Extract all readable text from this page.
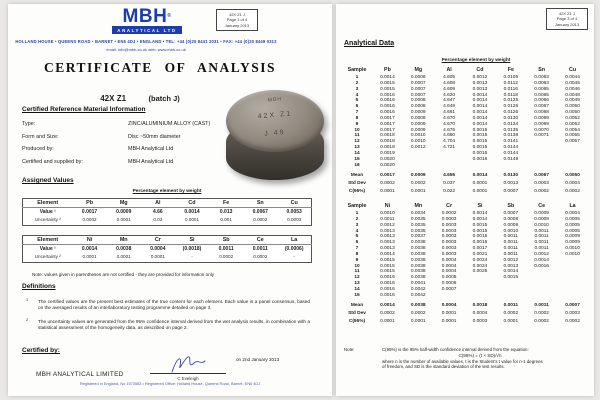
42X Z1 J
Page 1 of 4
January 2013
MBH®
ANALYTICAL LTD
HOLLAND HOUSE • QUEENS ROAD • BARNET • EN5 4DJ • ENGLAND • TEL: +44 (0)20 8441 2031 • FAX: +44 (0)20 8449 0313
email: info@mbh.co.uk web: www.mbh.co.uk
CERTIFICATE OF ANALYSIS
42X Z1	(batch J)
Certified Reference Material Information
Type:	ZINC/ALUMINIUM ALLOY (CAST)
Form and Size:	Disc ~50mm diameter
Produced by:	MBH Analytical Ltd
Certified and supplied by:	MBH Analytical Ltd
MBH
42X Z1
J 49
Assigned Values
Percentage element by weight
Element	Pb	Mg	Al	Cd	Fe	Sn	Cu
Value ¹	0.0017	0.0009	4.66	0.0014	0.013	0.0067	0.0053
Uncertainty ²	0.0002	0.0001	0.03	0.0001	0.001	0.0002	0.0003
Element	Ni	Mn	Cr	Si	Sb	Ce	La
Value ¹	0.0014	0.0038	0.0004	(0.0018)	0.0011	0.0011	(0.0006)
Uncertainty ²	0.0001	0.0001	0.0001	-	0.0002	0.0002	-
Note: values given in parentheses are not certified - they are provided for information only
Definitions
1 The certified values are the present best estimates of the true content for each element. Each value is a panel consensus, based on the averaged results of an interlaboratory testing programme detailed on page 3.
2 The uncertainty values are generated from the 95% confidence interval derived from the wet analysis results, in combination with a statistical assessment of the homogeneity data, as described on page 2.
Certified by:
MBH ANALYTICAL LIMITED
C Eveleigh
on 2nd January 2013
Registered in England, No 1573583 • Registered Office: Holland House, Queens Road, Barnet, EN5 4DJ
42X Z1 J
Page 3 of 4
January 2013
Analytical Data
Percentage element by weight
Sample	Pb	Mg	Al	Cd	Fe	Sn	Cu
1	0.0014	0.0006	4.605	0.0012	0.0105	0.0063	0.0044
2	0.0015	0.0007	4.608	0.0013	0.0112	0.0063	0.0045
3	0.0015	0.0007	4.609	0.0013	0.0116	0.0065	0.0046
4	0.0016	0.0007	4.620	0.0014	0.0118	0.0065	0.0048
5	0.0016	0.0008	4.647	0.0014	0.0125	0.0066	0.0049
6	0.0016	0.0008	4.649	0.0014	0.0126	0.0067	0.0050
7	0.0016	0.0009	4.661	0.0014	0.0126	0.0068	0.0050
8	0.0017	0.0009	4.670	0.0014	0.0130	0.0069	0.0052
9	0.0017	0.0009	4.670	0.0014	0.0134	0.0069	0.0052
10	0.0017	0.0009	4.676	0.0015	0.0135	0.0070	0.0054
11	0.0018	0.0010	4.680	0.0015	0.0138	0.0071	0.0055
12	0.0018	0.0010	4.704	0.0015	0.0141		0.0057
13	0.0018	0.0012	4.721	0.0015	0.0144		
14	0.0019			0.0016	0.0144		
15	0.0020			0.0016	0.0149		
16	0.0020						
Mean	0.0017	0.0009	4.655	0.0014	0.0130	0.0067	0.0050
Std Dev	0.0002	0.0002	0.037	0.0001	0.0013	0.0003	0.0004
C(95%)	0.0001	0.0001	0.022	0.0001	0.0007	0.0002	0.0002
Sample	Ni	Mn	Cr	Si	Sb	Ce	La
1	0.0010	0.0034	0.0002	0.0014	0.0007	0.0009	0.0004
2	0.0011	0.0035	0.0003	0.0014	0.0008	0.0009	0.0005
3	0.0012	0.0035	0.0003	0.0015	0.0009	0.0010	0.0005
4	0.0013	0.0035	0.0003	0.0015	0.0010	0.0011	0.0005
5	0.0013	0.0037	0.0003	0.0015	0.0011	0.0011	0.0009
6	0.0013	0.0038	0.0003	0.0016	0.0011	0.0011	0.0009
7	0.0013	0.0038	0.0003	0.0017	0.0011	0.0011	0.0010
8	0.0014	0.0038	0.0003	0.0021	0.0011	0.0012	0.0010
9	0.0015	0.0038	0.0004	0.0024	0.0012	0.0014	
10	0.0015	0.0038	0.0004	0.0024	0.0013	0.0016	
11	0.0015	0.0038	0.0004	0.0025	0.0014		
12	0.0016	0.0038	0.0005		0.0015		
13	0.0016	0.0041	0.0006				
14	0.0016	0.0042	0.0007				
15	0.0016	0.0042					
Mean	0.0014	0.0038	0.0004	0.0018	0.0011	0.0011	0.0007
Std Dev	0.0002	0.0002	0.0001	0.0004	0.0002	0.0002	0.0003
C(95%)	0.0001	0.0001	0.0001	0.0003	0.0001	0.0002	0.0002
Note:	C(95%) is the 95% half-width confidence interval derived from the equation:
C(95%) = (t × SD)/√n
where n is the number of available values, t is the Student's t value for n-1 degrees
of freedom, and SD is the standard deviation of the test results.
